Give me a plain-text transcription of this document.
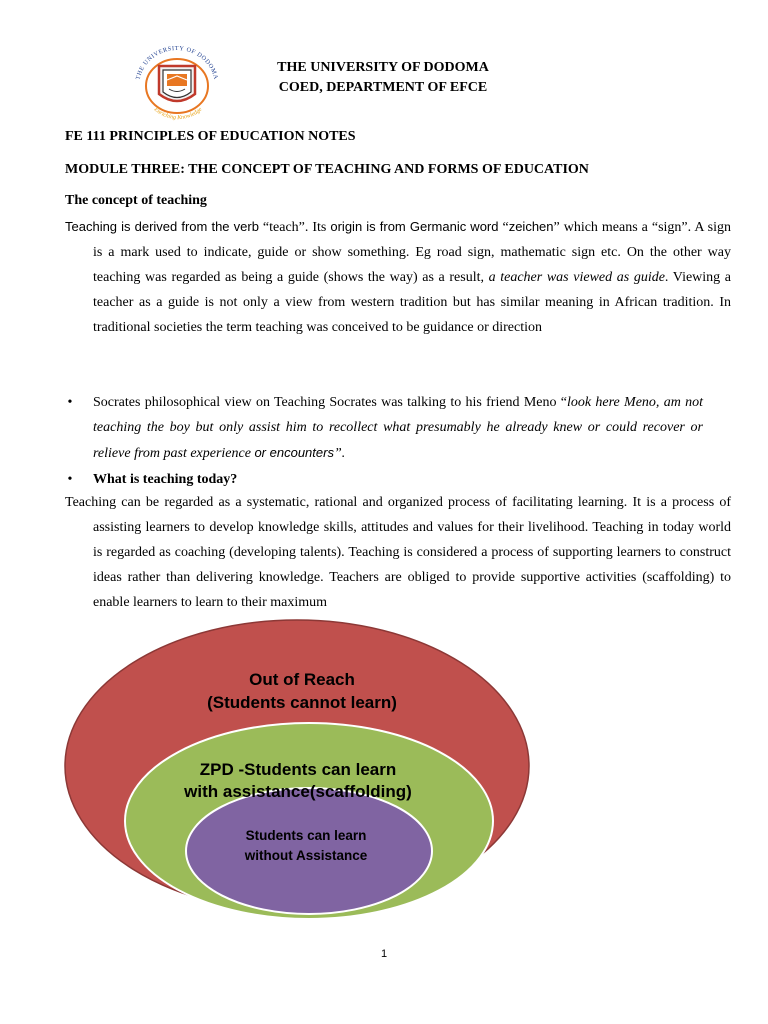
THE UNIVERSITY OF DODOMA
Enriching Knowledge
THE UNIVERSITY OF DODOMA
COED, DEPARTMENT OF EFCE
FE 111 PRINCIPLES OF EDUCATION NOTES
MODULE THREE: THE CONCEPT OF TEACHING AND FORMS OF EDUCATION
The concept of teaching
Teaching is derived from the verb “teach”. Its origin is from Germanic word “zeichen” which means a “sign”. A sign is a mark used to indicate, guide or show something. Eg road sign, mathematic sign etc. On the other way teaching was regarded as being a guide (shows the way) as a result, a teacher was viewed as guide. Viewing a teacher as a guide is not only a view from western tradition but has similar meaning in African tradition. In traditional societies the term teaching was conceived to be guidance or direction
• Socrates philosophical view on Teaching Socrates was talking to his friend Meno “look here Meno, am not teaching the boy but only assist him to recollect what presumably he already knew or could recover or relieve from past experience or encounters”.
• What is teaching today?
Teaching can be regarded as a systematic, rational and organized process of facilitating learning. It is a process of assisting learners to develop knowledge skills, attitudes and values for their livelihood. Teaching in today world is regarded as coaching (developing talents). Teaching is considered a process of supporting learners to construct ideas rather than delivering knowledge. Teachers are obliged to provide supportive activities (scaffolding) to enable learners to learn to their maximum
Out of Reach
(Students cannot learn)
ZPD -Students can learn
with assistance(scaffolding)
Students can learn
without Assistance
1
